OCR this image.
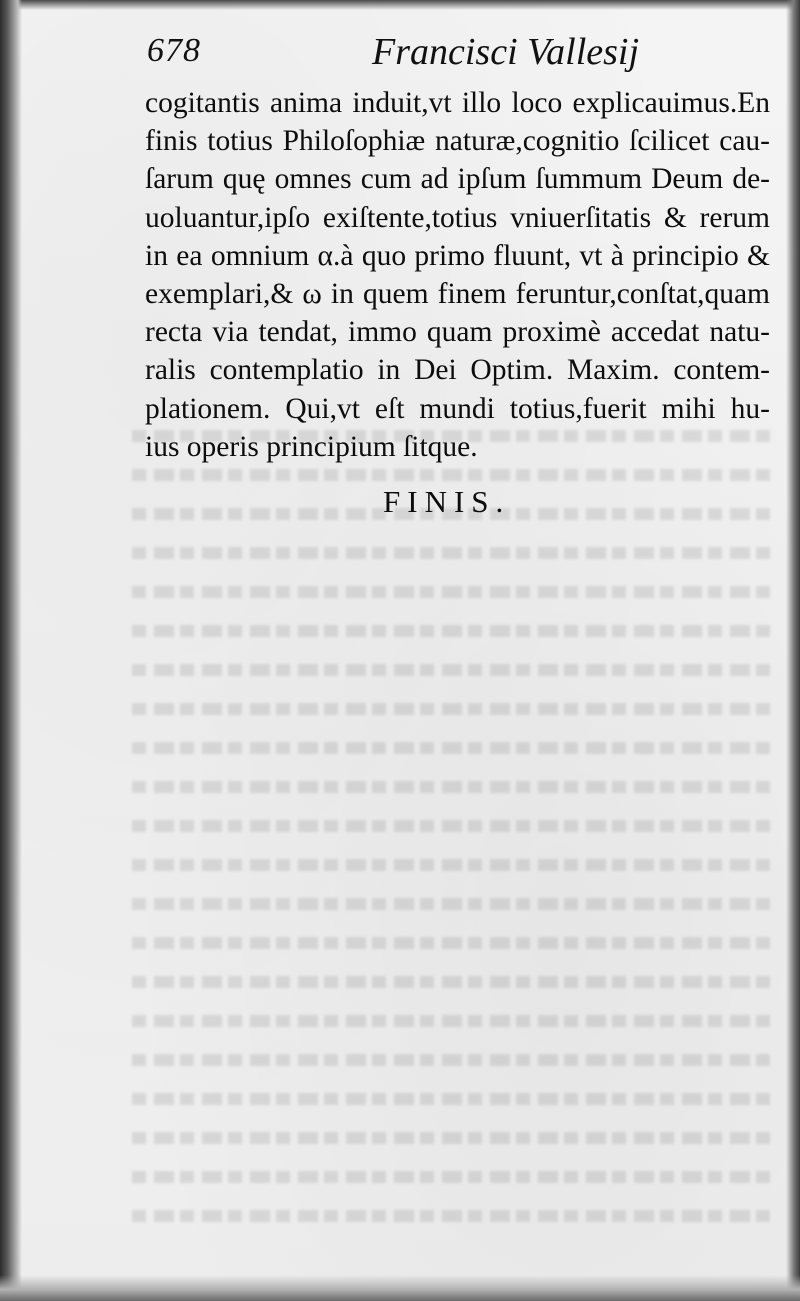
678	Francisci Vallesij
cogitantis anima induit,vt illo loco explicauimus.En
finis totius Philoſophiæ naturæ,cognitio ſcilicet cau-
ſarum quę omnes cum ad ipſum ſummum Deum de-
uoluantur,ipſo exiſtente,totius vniuerſitatis & rerum
in ea omnium α.à quo primo fluunt, vt à principio &
exemplari,& ω in quem finem feruntur,conſtat,quam
recta via tendat, immo quam proximè accedat natu-
ralis contemplatio in Dei Optim. Maxim. contem-
plationem. Qui,vt eſt mundi totius,fuerit mihi hu-
ius operis principium ſitque.
FINIS.
